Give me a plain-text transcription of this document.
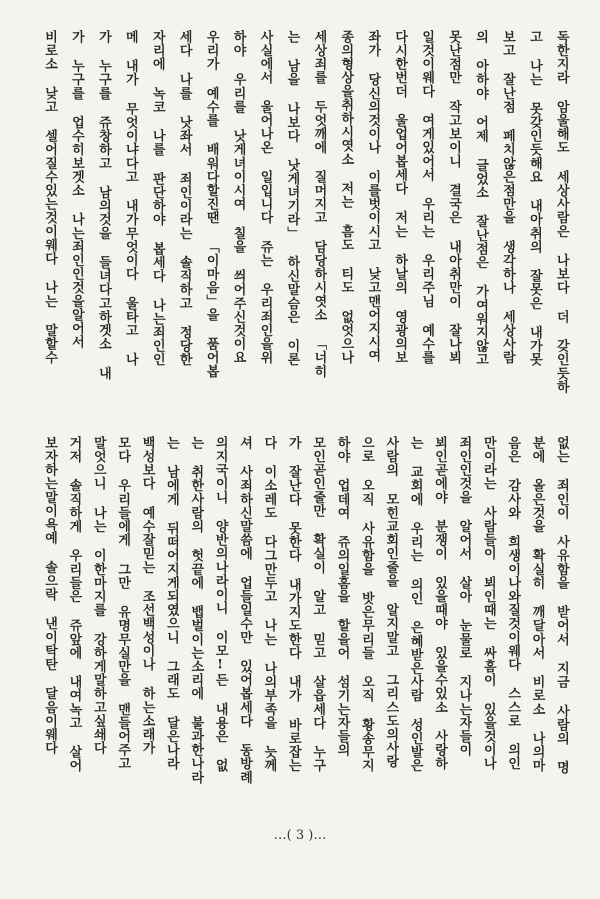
독한지라 암울해도 세상사람은 나보다 더 갖인듯하
고 나는 못갖인듯해요 내아취의 잘못은 내가못
보고 잘난점 페치않은점만을 생각하나 세상사람
의 아하야 어제 글었소 잘난점은 가여워지않고
못난점만 작고보이니 결국은 내아취만이 잘나뵈
일것이웨다 여게있어서 우리는 우리주님 예수를
다시한번더 울업어봅세다 저는 하날의 영광의보
좌가 당신의것이나 이를벗이시고 낮고맨어지시여
종의형상을취하시엿소 저는 흠도 티도 없엇으나
세상죄를 두엇깨에 질머지고 담당하시엿소 「너히
는 남을 나보다 낫게녀기라」 하신말슴은 이론
사실에서 울어나온 일입니다 쥬는 우리죄인을위
하야 우리를 낫게녀이시여 칠을 씌어주신것이요
우리가 예수를 배워다할진땐 「이마음」을 품어봅
세다 나를 낫좌서 죄인이라는 솔직하고 정당한
자리에 녹코 나를 판단하야 봅세다 나는죄인인
메 내가 무엇이냐다고 내가무엇이다 울타고 나
가 누구를 쥬창하고 남의것을 들녀다고하겟소 내
가 누구를 업수히보겟소 나는죄인인것을알어서
비로소 낮고 셀어질수있는것이웨다 나는 말할수
없는 죄인이 사유함을 받어서 지금 사람의 명
분에 올은것을 확실히 깨달아서 비로소 나의마
음은 감사와 희생이나와질것이웨다 스스로 의인
만이라는 사람들이 뵈인때는 싸홈이 있을것이나
죄인인것을 알어서 살아 눈물로 지나는자들이
뵈인곧에야 분쟁이 있을때야 있을수있소 사랑하
는 교회에 우리는 의인 은혜받은사람 성인발은
사람의 모힌교회인줄을 알지말고 그리스도의사랑
으로 오직 사유함을 밧은무리들 오직 황송무지
하야 업데여 쥬의일홈을 할을어 섬기는자들의
모인곧인줄만 확실이 알고 믿고 살읍세다 누구
가 잘난다 못한다 내가지도한다 내가 바로잡는
다 이소레도 다그만두고 나는 나의부족을 늣께
셔 사죄하신말씀에 업들일수만 있어봅세다 동방례
의지국이니 양반의나라이니 이모!든 내용은 없
는 취한사람의 헛끝에 뱁벌이는소리에 불과한나라
는 남에게 뒤떠어지게되였으니 그래도 달은나라
백성보다 예수잘믿는 조선백성이나 하는소래가
모다 우리들에게 그만 유명무실만을 맨들어주고
말엇으니 나는 이한마지를 강하게말하고싶쇄다
거저 솔직하게 우리들은 쥬앞에 내여녹고 살어
보자하는말이욕예 솔으락 낸이탁탄 달음이웨다
…( 3 )…
